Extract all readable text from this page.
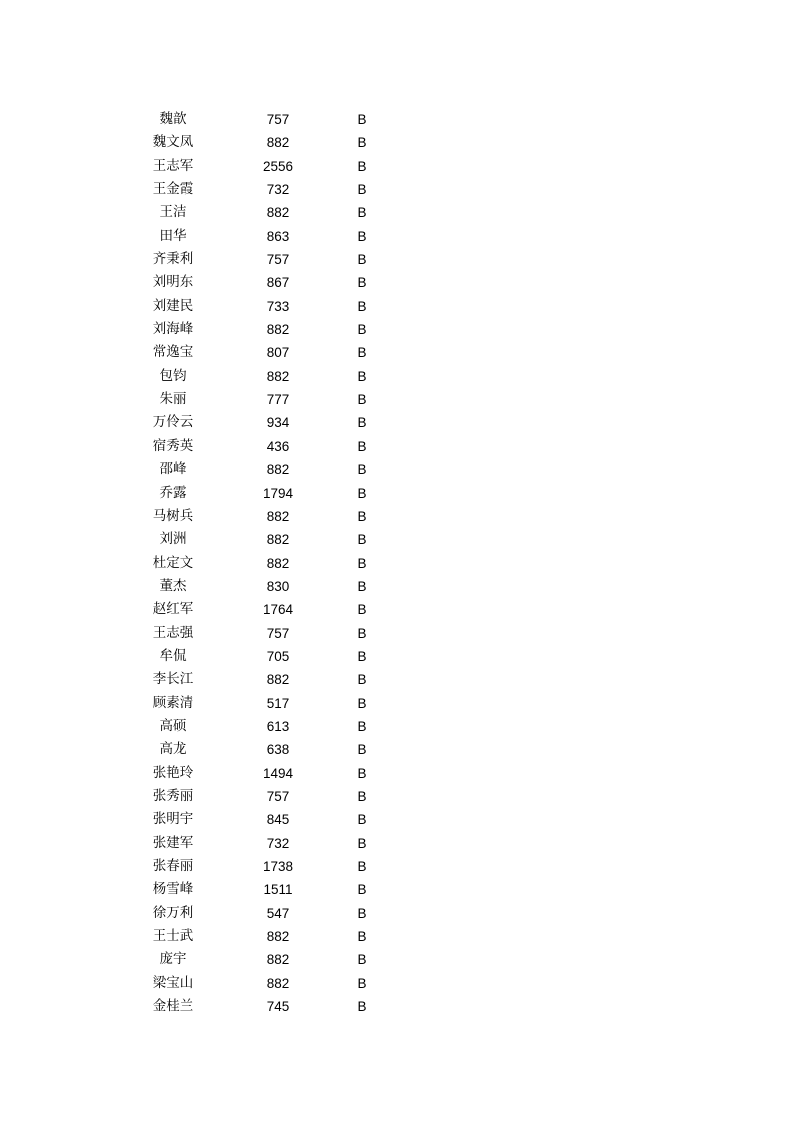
魏歆	757	B
魏文凤	882	B
王志军	2556	B
王金霞	732	B
王洁	882	B
田华	863	B
齐秉利	757	B
刘明东	867	B
刘建民	733	B
刘海峰	882	B
常逸宝	807	B
包钧	882	B
朱丽	777	B
万伶云	934	B
宿秀英	436	B
邵峰	882	B
乔露	1794	B
马树兵	882	B
刘洲	882	B
杜定文	882	B
董杰	830	B
赵红军	1764	B
王志强	757	B
牟侃	705	B
李长江	882	B
顾素清	517	B
高硕	613	B
高龙	638	B
张艳玲	1494	B
张秀丽	757	B
张明宇	845	B
张建军	732	B
张春丽	1738	B
杨雪峰	1511	B
徐万利	547	B
王士武	882	B
庞宇	882	B
梁宝山	882	B
金桂兰	745	B
